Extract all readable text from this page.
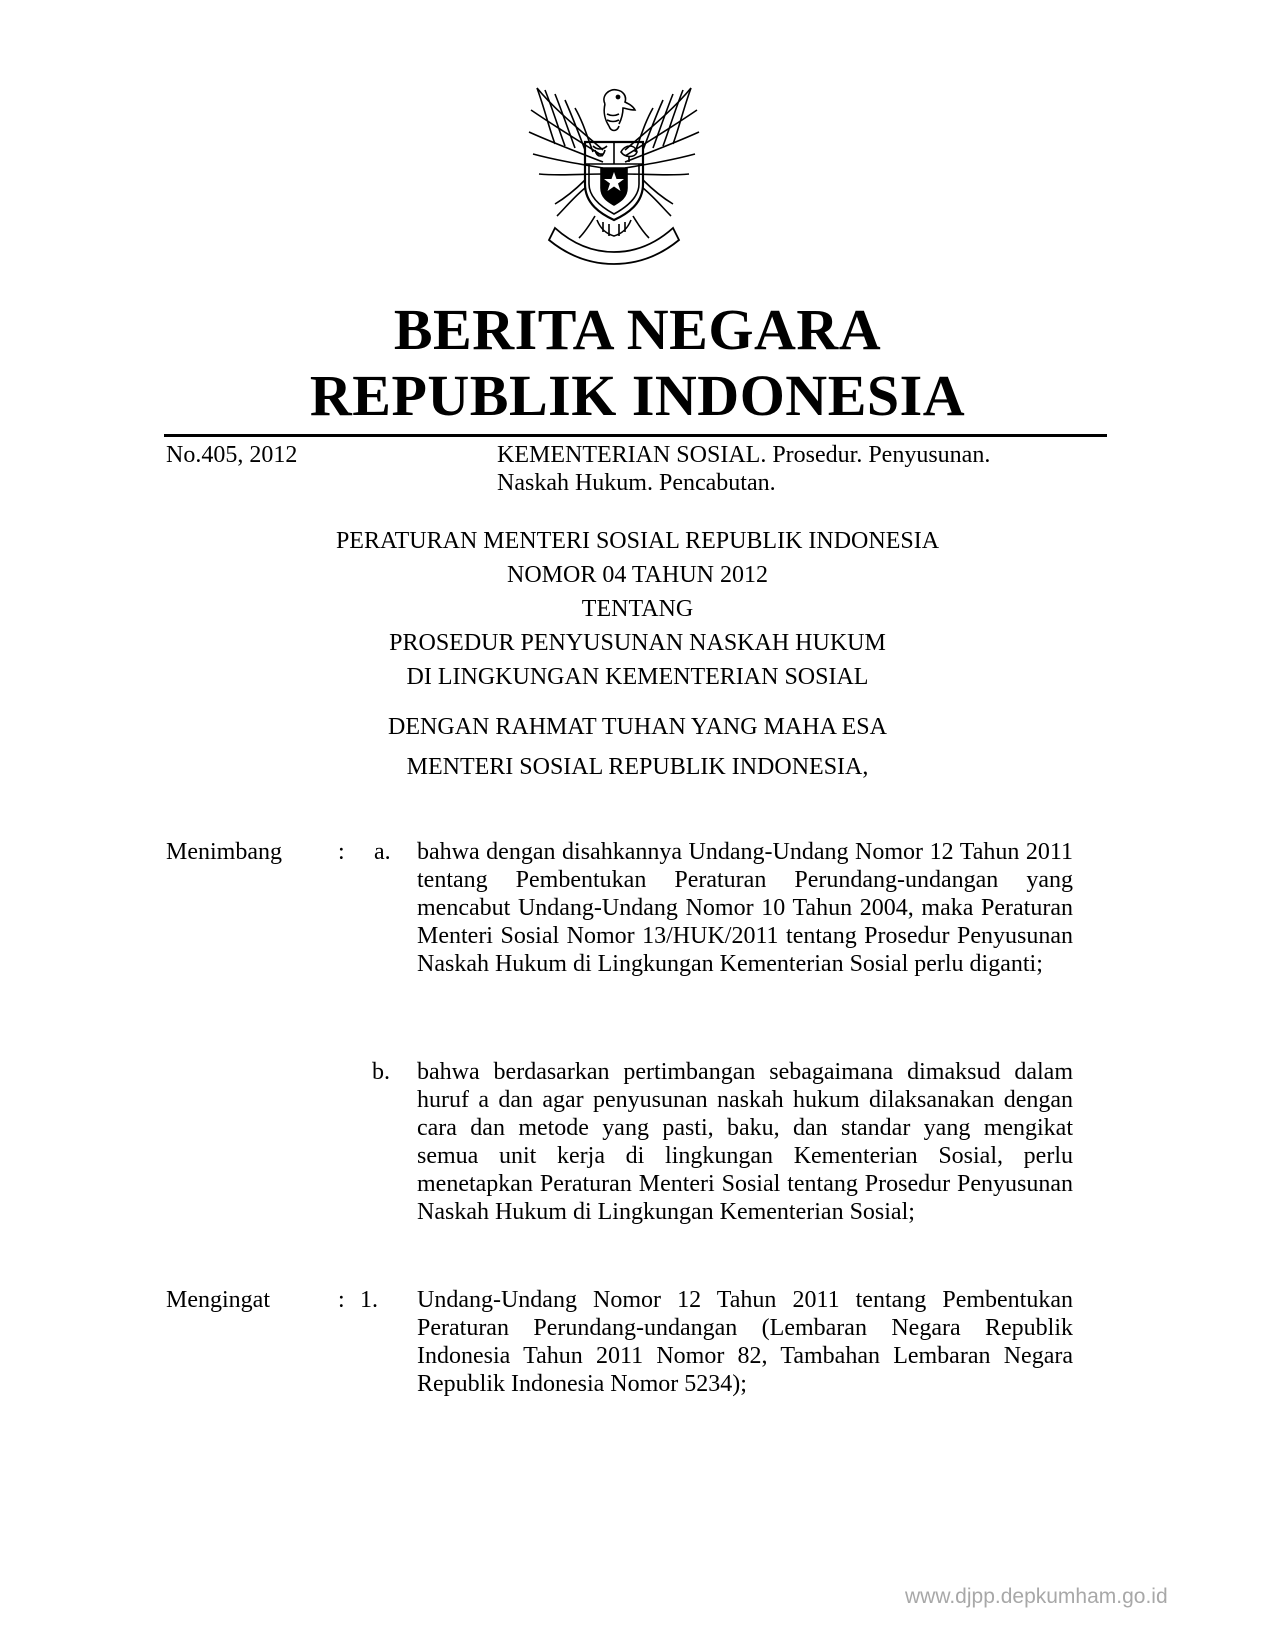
BERITA NEGARA
REPUBLIK INDONESIA
No.405, 2012	KEMENTERIAN SOSIAL. Prosedur. Penyusunan.
Naskah Hukum. Pencabutan.
PERATURAN MENTERI SOSIAL REPUBLIK INDONESIA
NOMOR 04 TAHUN 2012
TENTANG
PROSEDUR PENYUSUNAN NASKAH HUKUM
DI LINGKUNGAN KEMENTERIAN SOSIAL
DENGAN RAHMAT TUHAN YANG MAHA ESA
MENTERI SOSIAL REPUBLIK INDONESIA,
Menimbang : a. bahwa dengan disahkannya Undang-Undang Nomor 12 Tahun 2011 tentang Pembentukan Peraturan Perundang-undangan yang mencabut Undang-Undang Nomor 10 Tahun 2004, maka Peraturan Menteri Sosial Nomor 13/HUK/2011 tentang Prosedur Penyusunan Naskah Hukum di Lingkungan Kementerian Sosial perlu diganti;
b. bahwa berdasarkan pertimbangan sebagaimana dimaksud dalam huruf a dan agar penyusunan naskah hukum dilaksanakan dengan cara dan metode yang pasti, baku, dan standar yang mengikat semua unit kerja di lingkungan Kementerian Sosial, perlu menetapkan Peraturan Menteri Sosial tentang Prosedur Penyusunan Naskah Hukum di Lingkungan Kementerian Sosial;
Mengingat	: 1. Undang-Undang Nomor 12 Tahun 2011 tentang Pembentukan Peraturan Perundang-undangan (Lembaran Negara Republik Indonesia Tahun 2011 Nomor 82, Tambahan Lembaran Negara Republik Indonesia Nomor 5234);
www.djpp.depkumham.go.id
